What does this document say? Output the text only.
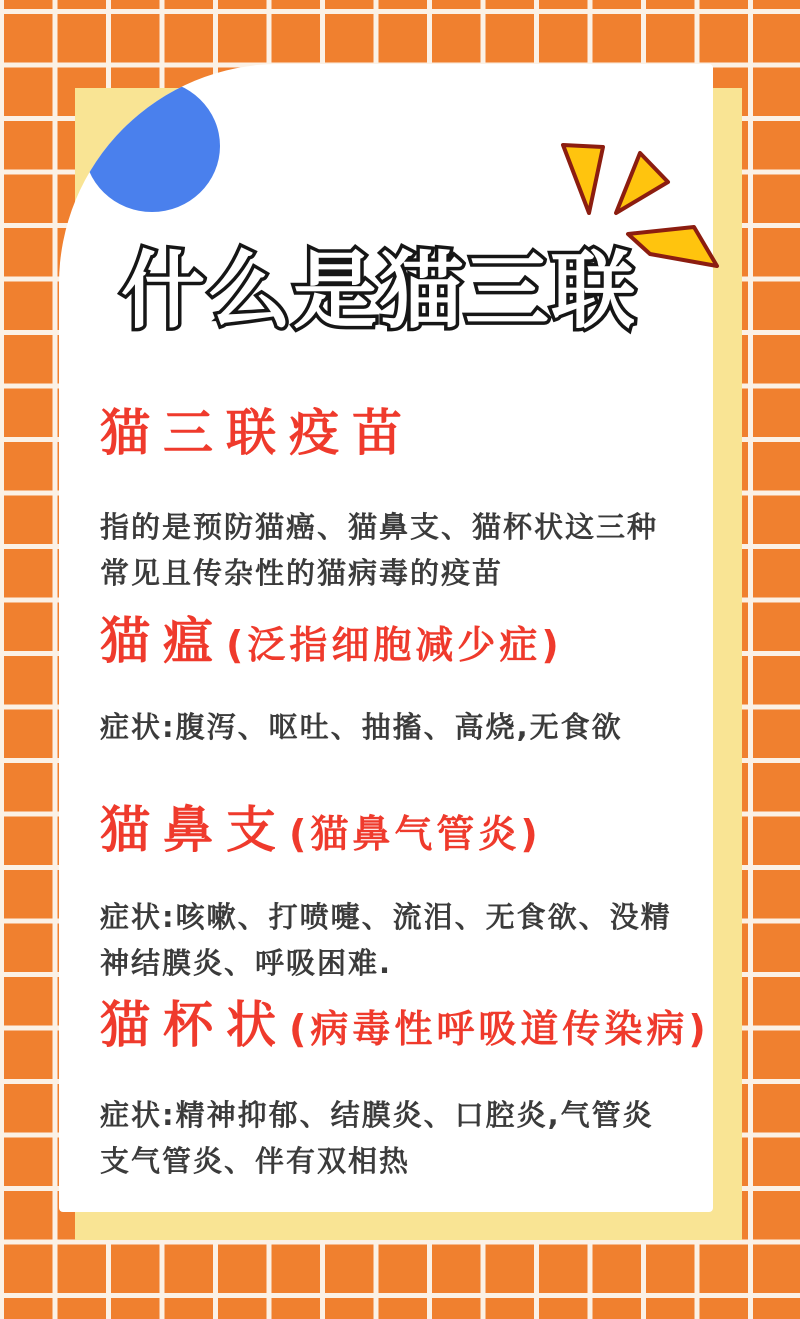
什么是猫三联
猫三联疫苗
指的是预防猫癌、猫鼻支、猫杯状这三种
常见且传杂性的猫病毒的疫苗
猫瘟(泛指细胞减少症)
症状:腹泻、呕吐、抽搐、高烧,无食欲
猫鼻支(猫鼻气管炎)
症状:咳嗽、打喷嚏、流泪、无食欲、没精
神结膜炎、呼吸困难.
猫杯状(病毒性呼吸道传染病)
症状:精神抑郁、结膜炎、口腔炎,气管炎
支气管炎、伴有双相热
